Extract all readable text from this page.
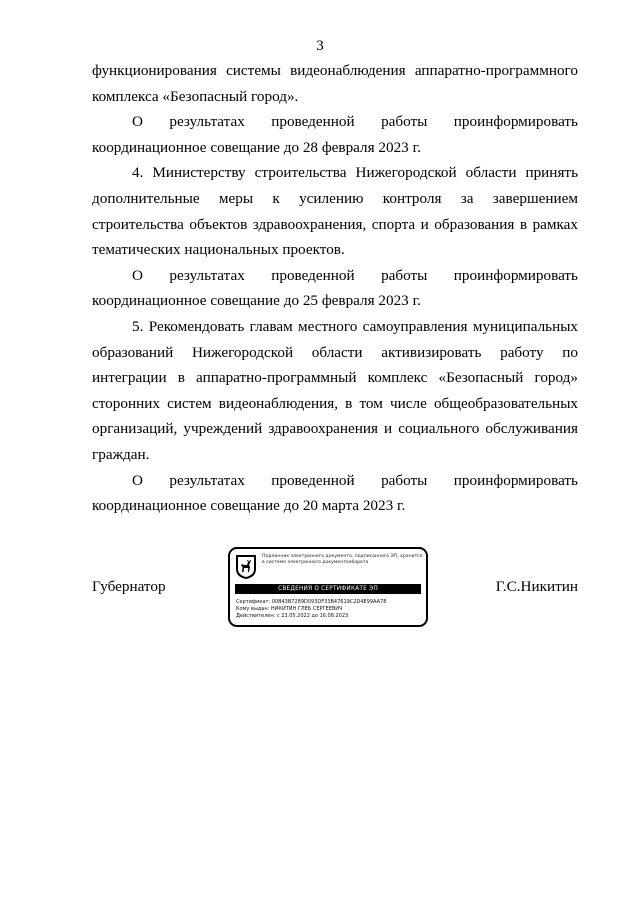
3

функционирования системы видеонаблюдения аппаратно-программного комплекса «Безопасный город».

О результатах проведенной работы проинформировать координационное совещание до 28 февраля 2023 г.

4. Министерству строительства Нижегородской области принять дополнительные меры к усилению контроля за завершением строительства объектов здравоохранения, спорта и образования в рамках тематических национальных проектов.

О результатах проведенной работы проинформировать координационное совещание до 25 февраля 2023 г.

5. Рекомендовать главам местного самоуправления муниципальных образований Нижегородской области активизировать работу по интеграции в аппаратно-программный комплекс «Безопасный город» сторонних систем видеонаблюдения, в том числе общеобразовательных организаций, учреждений здравоохранения и социального обслуживания граждан.

О результатах проведенной работы проинформировать координационное совещание до 20 марта 2023 г.

Губернатор
Подлинник электронного документа, подписанного ЭП, хранится в системе электронного документооборота
СВЕДЕНИЯ О СЕРТИФИКАТЕ ЭП
Сертификат: 00B43B7289D093DF33B47619C2D4E99AA78
Кому выдан: НИКИТИН ГЛЕБ СЕРГЕЕВИЧ
Действителен: с 23.05.2022 до 16.08.2023
Г.С.Никитин
